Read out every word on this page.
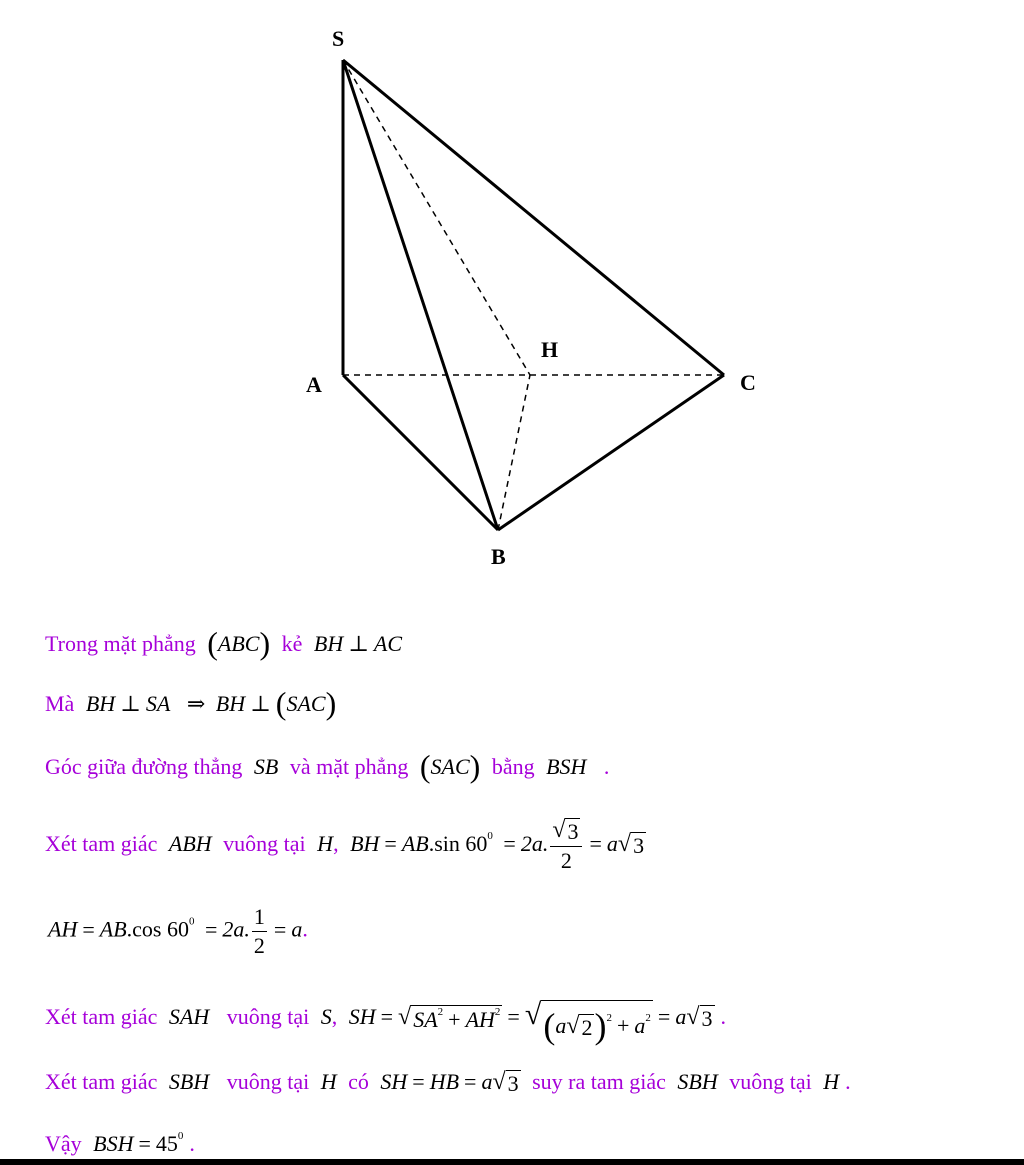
S
A
B
C
H
Trong mặt phẳng (ABC) kẻ BH ⊥ AC
Mà BH ⊥ SA ⇒ BH ⊥ (SAC)
Góc giữa đường thẳng SB và mặt phẳng (SAC) bằng BSH .
Xét tam giác ABH vuông tại H, BH = AB.sin $60^0 = 2a$. $\frac{√ 3}{2} = a$ √ 3
AH = AB.cos $60^0 = 2a$. $\frac{1}{2} = a$.
Xét tam giác SAH vuông tại S, SH = √ $SA^2 + AH^2$ = √ (a √ 2 )$^2 + a^2 = a$ √ 3 .
Xét tam giác SBH vuông tại H có SH = HB = a √ 3 suy ra tam giác SBH vuông tại H .
Vậy BSH = $45^0$ .
